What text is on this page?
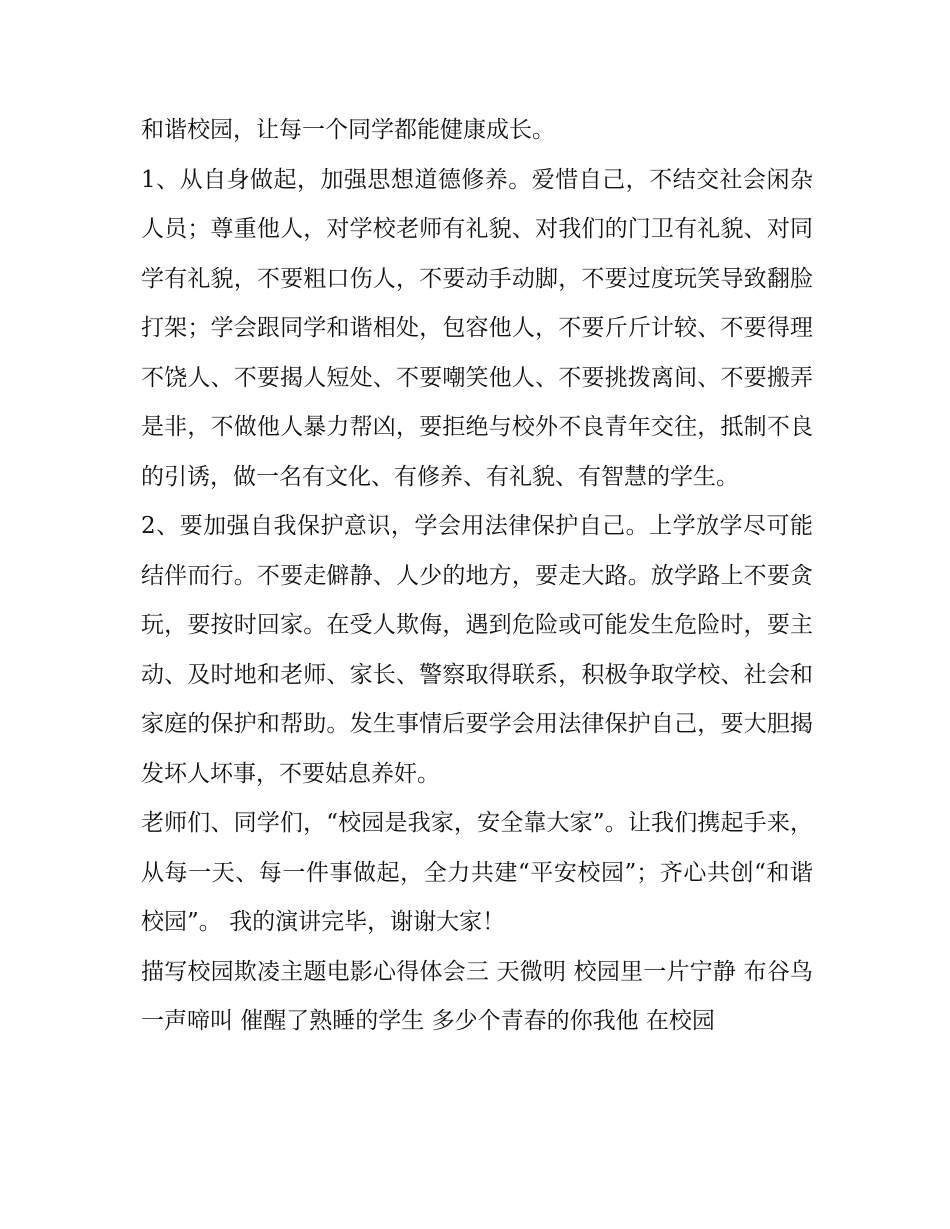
和谐校园，让每一个同学都能健康成长。

1、从自身做起，加强思想道德修养。爱惜自己，不结交社会闲杂人员；尊重他人，对学校老师有礼貌、对我们的门卫有礼貌、对同学有礼貌，不要粗口伤人，不要动手动脚，不要过度玩笑导致翻脸打架；学会跟同学和谐相处，包容他人，不要斤斤计较、不要得理不饶人、不要揭人短处、不要嘲笑他人、不要挑拨离间、不要搬弄是非，不做他人暴力帮凶，要拒绝与校外不良青年交往，抵制不良的引诱，做一名有文化、有修养、有礼貌、有智慧的学生。

2、要加强自我保护意识，学会用法律保护自己。上学放学尽可能结伴而行。不要走僻静、人少的地方，要走大路。放学路上不要贪玩，要按时回家。在受人欺侮，遇到危险或可能发生危险时，要主动、及时地和老师、家长、警察取得联系，积极争取学校、社会和家庭的保护和帮助。发生事情后要学会用法律保护自己，要大胆揭发坏人坏事，不要姑息养奸。

老师们、同学们，“校园是我家，安全靠大家”。让我们携起手来，从每一天、每一件事做起，全力共建“平安校园”；齐心共创“和谐校园”。 我的演讲完毕，谢谢大家！

描写校园欺凌主题电影心得体会三 天微明 校园里一片宁静 布谷鸟一声啼叫 催醒了熟睡的学生 多少个青春的你我他 在校园
